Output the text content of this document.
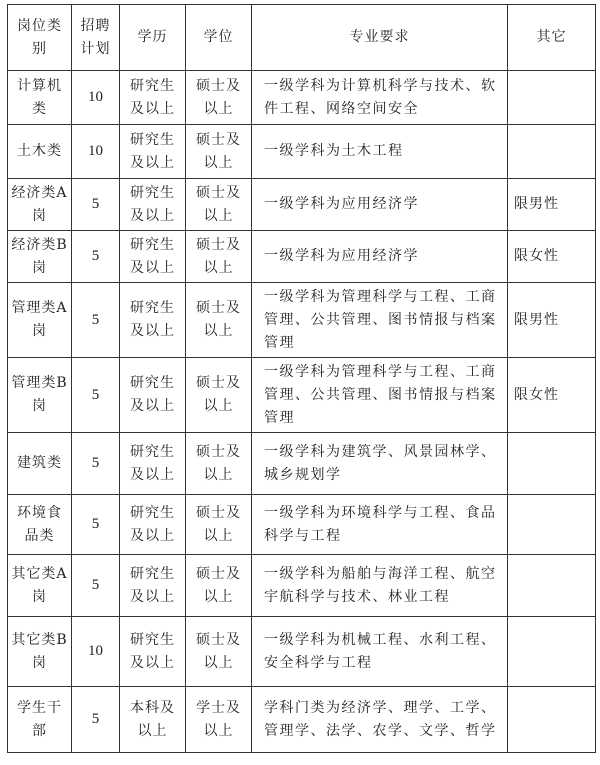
岗位类别	招聘计划	学历	学位	专业要求	其它

计算机类	10	研究生及以上	硕士及以上	一级学科为计算机科学与技术、软件工程、网络空间安全	
土木类	10	研究生及以上	硕士及以上	一级学科为土木工程	
经济类A岗	5	研究生及以上	硕士及以上	一级学科为应用经济学	限男性
经济类B岗	5	研究生及以上	硕士及以上	一级学科为应用经济学	限女性
管理类A岗	5	研究生及以上	硕士及以上	一级学科为管理科学与工程、工商管理、公共管理、图书情报与档案管理	限男性
管理类B岗	5	研究生及以上	硕士及以上	一级学科为管理科学与工程、工商管理、公共管理、图书情报与档案管理	限女性
建筑类	5	研究生及以上	硕士及以上	一级学科为建筑学、风景园林学、城乡规划学	
环境食品类	5	研究生及以上	硕士及以上	一级学科为环境科学与工程、食品科学与工程	
其它类A岗	5	研究生及以上	硕士及以上	一级学科为船舶与海洋工程、航空宇航科学与技术、林业工程	
其它类B岗	10	研究生及以上	硕士及以上	一级学科为机械工程、水利工程、安全科学与工程	
学生干部	5	本科及以上	学士及以上	学科门类为经济学、理学、工学、管理学、法学、农学、文学、哲学	
